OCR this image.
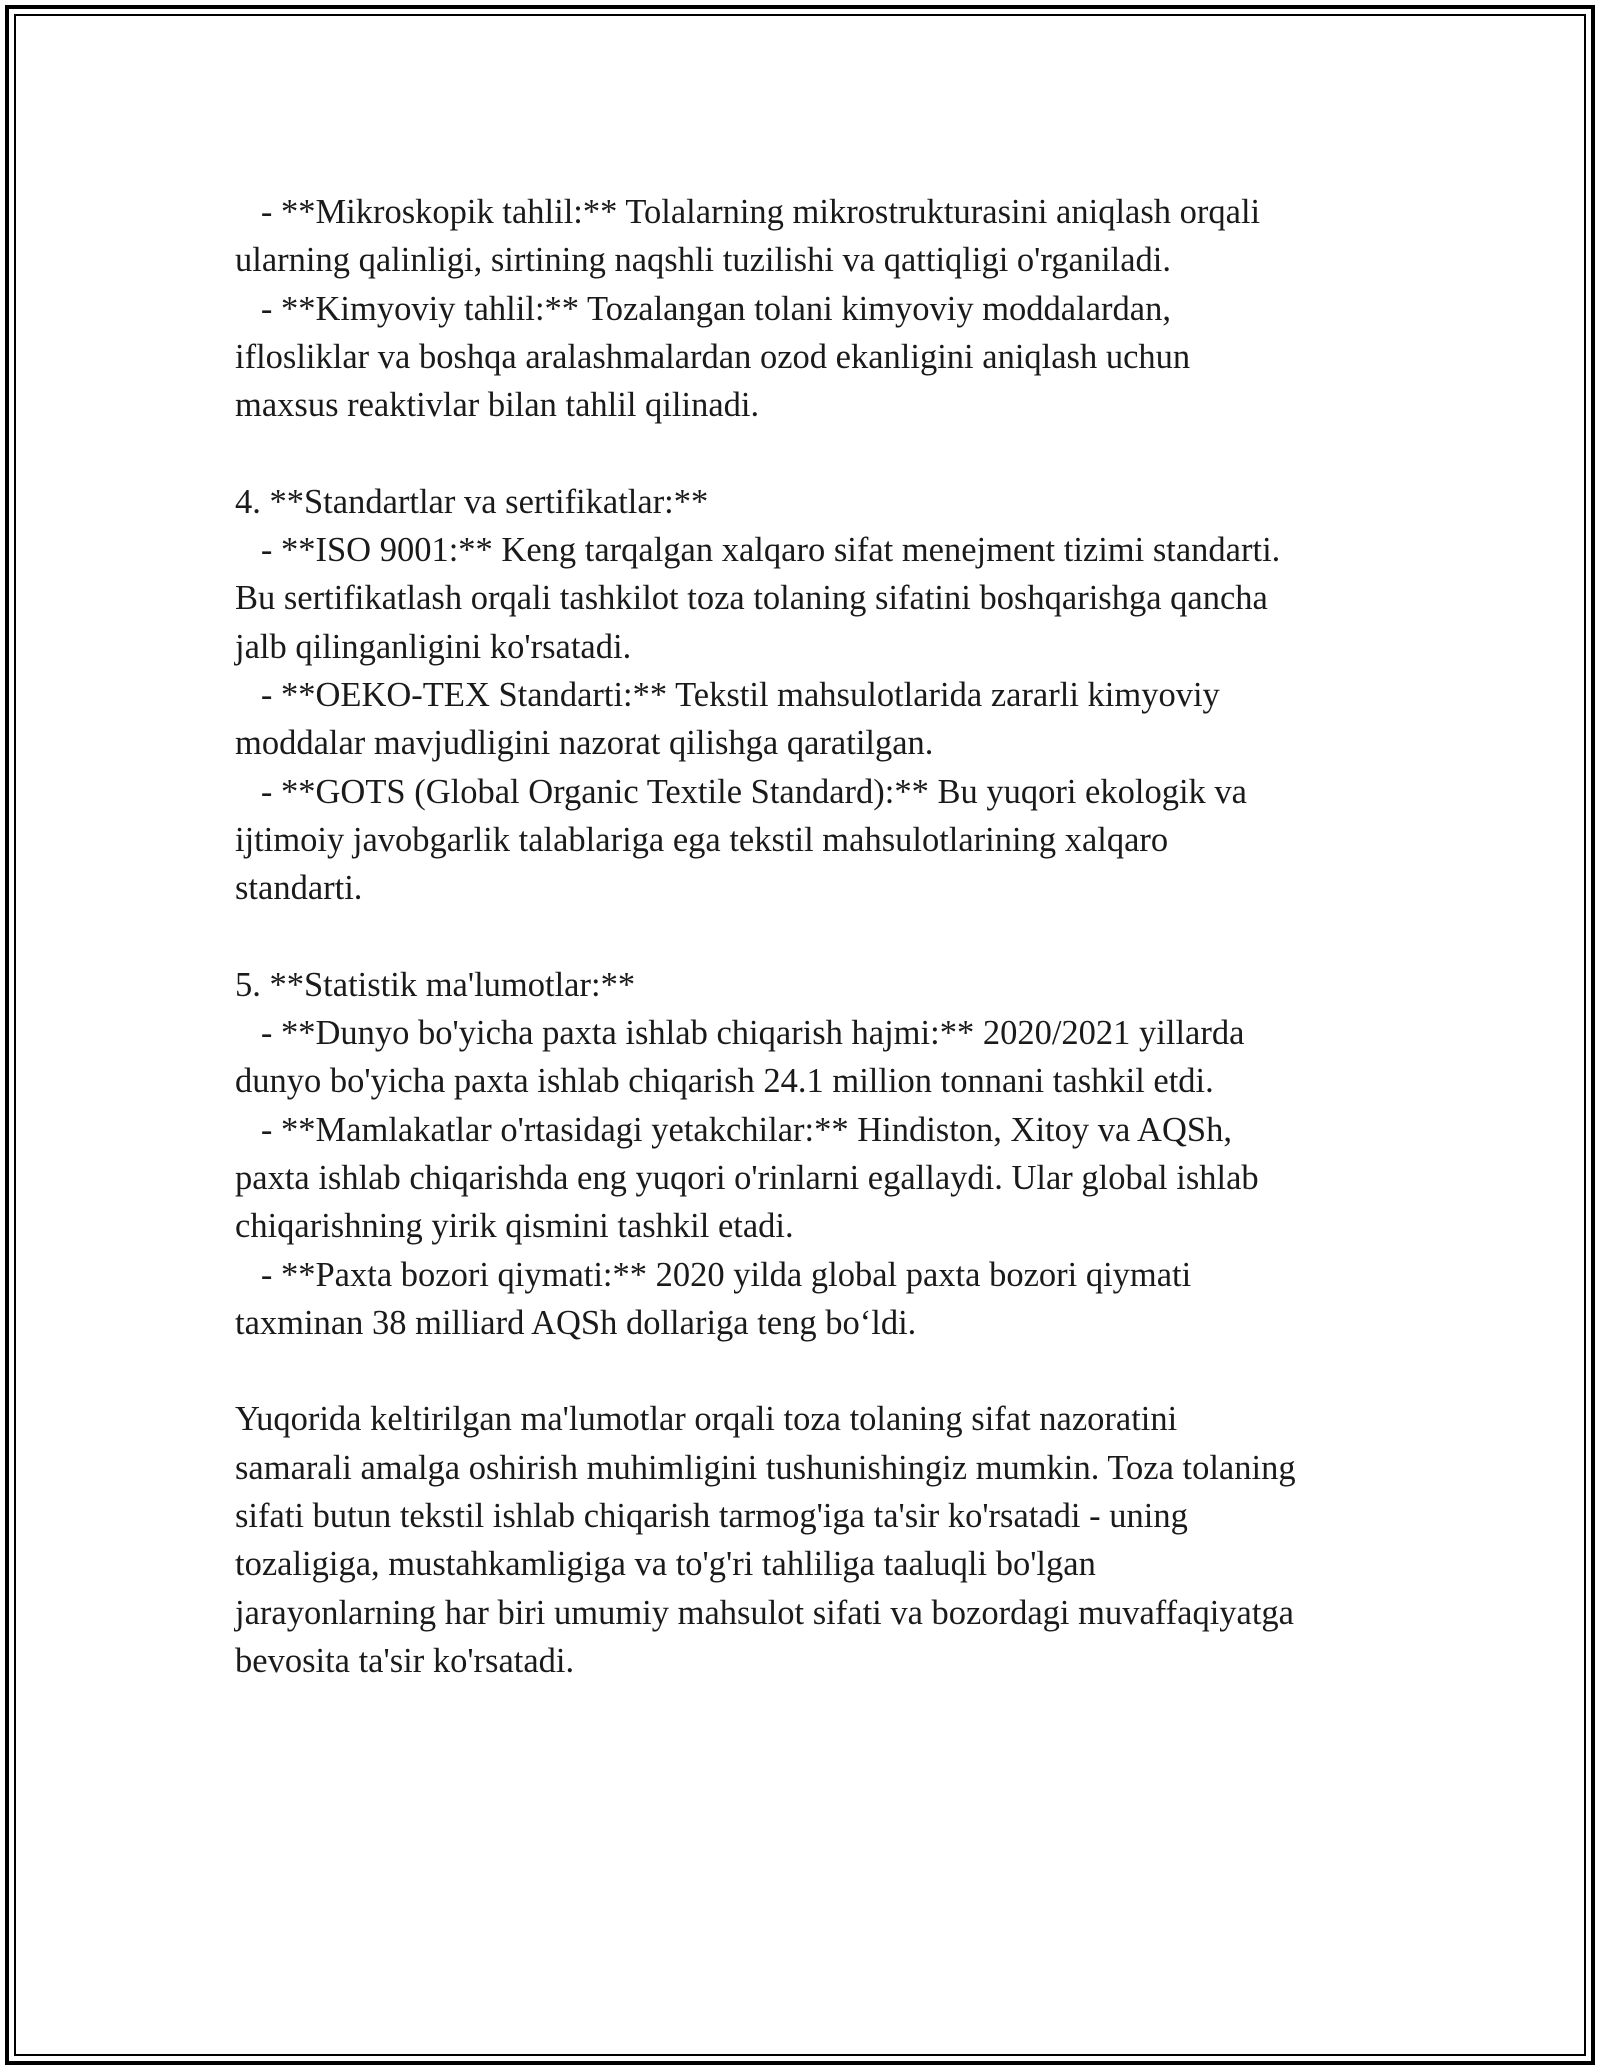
- **Mikroskopik tahlil:** Tolalarning mikrostrukturasini aniqlash orqali

ularning qalinligi, sirtining naqshli tuzilishi va qattiqligi o'rganiladi.

- **Kimyoviy tahlil:** Tozalangan tolani kimyoviy moddalardan,

iflosliklar va boshqa aralashmalardan ozod ekanligini aniqlash uchun

maxsus reaktivlar bilan tahlil qilinadi.

4. **Standartlar va sertifikatlar:**

- **ISO 9001:** Keng tarqalgan xalqaro sifat menejment tizimi standarti.

Bu sertifikatlash orqali tashkilot toza tolaning sifatini boshqarishga qancha

jalb qilinganligini ko'rsatadi.

- **OEKO-TEX Standarti:** Tekstil mahsulotlarida zararli kimyoviy

moddalar mavjudligini nazorat qilishga qaratilgan.

- **GOTS (Global Organic Textile Standard):** Bu yuqori ekologik va

ijtimoiy javobgarlik talablariga ega tekstil mahsulotlarining xalqaro

standarti.

5. **Statistik ma'lumotlar:**

- **Dunyo bo'yicha paxta ishlab chiqarish hajmi:** 2020/2021 yillarda

dunyo bo'yicha paxta ishlab chiqarish 24.1 million tonnani tashkil etdi.

- **Mamlakatlar o'rtasidagi yetakchilar:** Hindiston, Xitoy va AQSh,

paxta ishlab chiqarishda eng yuqori o'rinlarni egallaydi. Ular global ishlab

chiqarishning yirik qismini tashkil etadi.

- **Paxta bozori qiymati:** 2020 yilda global paxta bozori qiymati

taxminan 38 milliard AQSh dollariga teng bo‘ldi.

Yuqorida keltirilgan ma'lumotlar orqali toza tolaning sifat nazoratini

samarali amalga oshirish muhimligini tushunishingiz mumkin. Toza tolaning

sifati butun tekstil ishlab chiqarish tarmog'iga ta'sir ko'rsatadi - uning

tozaligiga, mustahkamligiga va to'g'ri tahliliga taaluqli bo'lgan

jarayonlarning har biri umumiy mahsulot sifati va bozordagi muvaffaqiyatga

bevosita ta'sir ko'rsatadi.
